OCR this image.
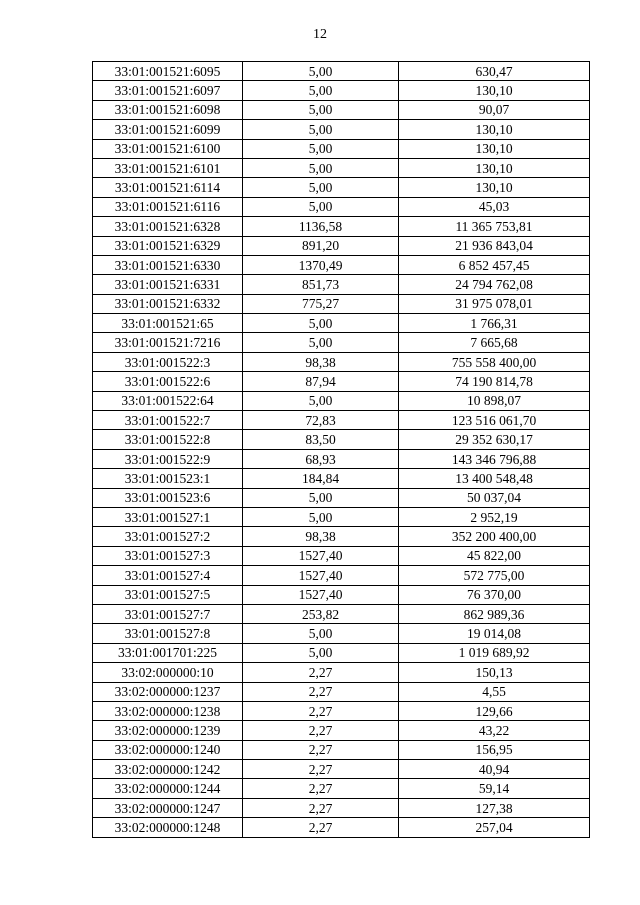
12
33:01:001521:6095	5,00	630,47
33:01:001521:6097	5,00	130,10
33:01:001521:6098	5,00	90,07
33:01:001521:6099	5,00	130,10
33:01:001521:6100	5,00	130,10
33:01:001521:6101	5,00	130,10
33:01:001521:6114	5,00	130,10
33:01:001521:6116	5,00	45,03
33:01:001521:6328	1136,58	11 365 753,81
33:01:001521:6329	891,20	21 936 843,04
33:01:001521:6330	1370,49	6 852 457,45
33:01:001521:6331	851,73	24 794 762,08
33:01:001521:6332	775,27	31 975 078,01
33:01:001521:65	5,00	1 766,31
33:01:001521:7216	5,00	7 665,68
33:01:001522:3	98,38	755 558 400,00
33:01:001522:6	87,94	74 190 814,78
33:01:001522:64	5,00	10 898,07
33:01:001522:7	72,83	123 516 061,70
33:01:001522:8	83,50	29 352 630,17
33:01:001522:9	68,93	143 346 796,88
33:01:001523:1	184,84	13 400 548,48
33:01:001523:6	5,00	50 037,04
33:01:001527:1	5,00	2 952,19
33:01:001527:2	98,38	352 200 400,00
33:01:001527:3	1527,40	45 822,00
33:01:001527:4	1527,40	572 775,00
33:01:001527:5	1527,40	76 370,00
33:01:001527:7	253,82	862 989,36
33:01:001527:8	5,00	19 014,08
33:01:001701:225	5,00	1 019 689,92
33:02:000000:10	2,27	150,13
33:02:000000:1237	2,27	4,55
33:02:000000:1238	2,27	129,66
33:02:000000:1239	2,27	43,22
33:02:000000:1240	2,27	156,95
33:02:000000:1242	2,27	40,94
33:02:000000:1244	2,27	59,14
33:02:000000:1247	2,27	127,38
33:02:000000:1248	2,27	257,04
